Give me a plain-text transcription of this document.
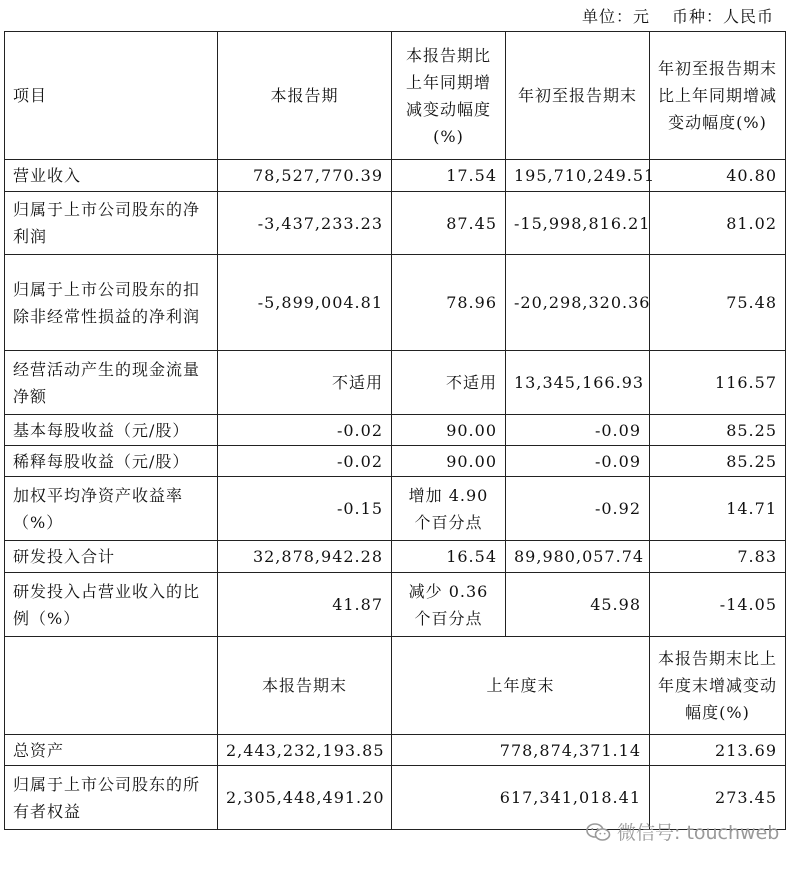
单位：元 币种：人民币
项目	本报告期	本报告期比上年同期增减变动幅度(%)	年初至报告期末	年初至报告期末比上年同期增减变动幅度(%)
营业收入	78,527,770.39	17.54	195,710,249.51	40.80
归属于上市公司股东的净利润	-3,437,233.23	87.45	-15,998,816.21	81.02
归属于上市公司股东的扣除非经常性损益的净利润	-5,899,004.81	78.96	-20,298,320.36	75.48
经营活动产生的现金流量净额	不适用	不适用	13,345,166.93	116.57
基本每股收益（元/股）	-0.02	90.00	-0.09	85.25
稀释每股收益（元/股）	-0.02	90.00	-0.09	85.25
加权平均净资产收益率（%）	-0.15	增加 4.90 个百分点	-0.92	14.71
研发投入合计	32,878,942.28	16.54	89,980,057.74	7.83
研发投入占营业收入的比例（%）	41.87	减少 0.36 个百分点	45.98	-14.05
	本报告期末	上年度末		本报告期末比上年度末增减变动幅度(%)
总资产	2,443,232,193.85	778,874,371.14		213.69
归属于上市公司股东的所有者权益	2,305,448,491.20	617,341,018.41		273.45
微信号: touchweb
